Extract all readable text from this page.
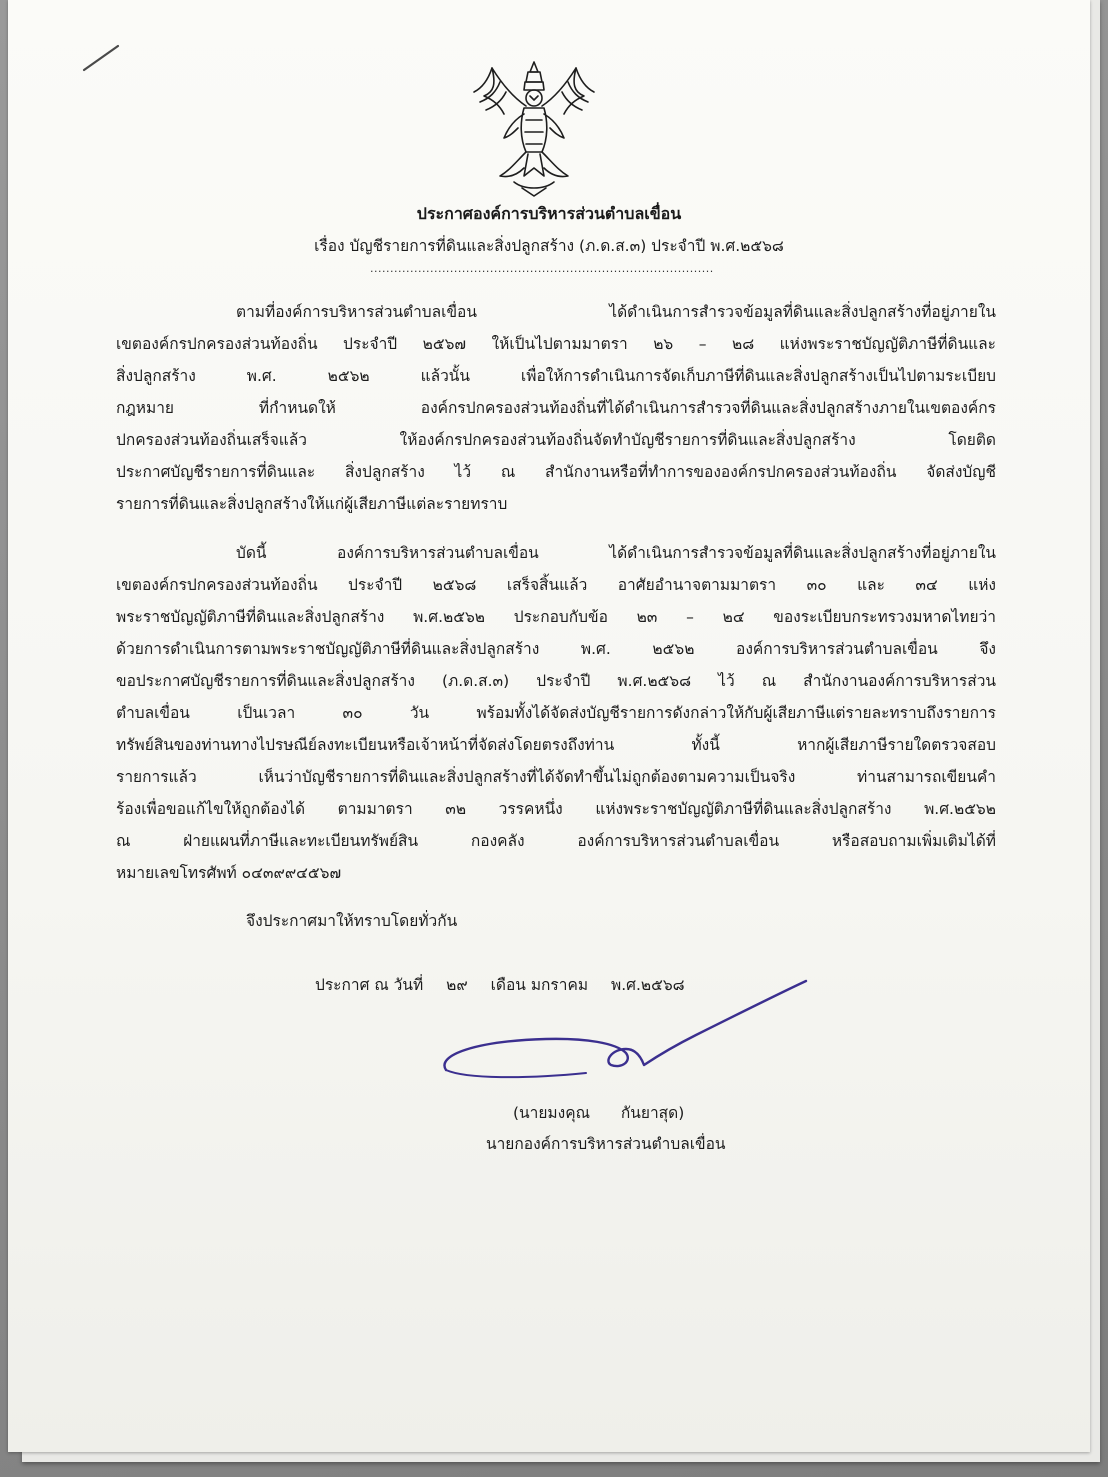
ประกาศองค์การบริหารส่วนตำบลเขื่อน
เรื่อง บัญชีรายการที่ดินและสิ่งปลูกสร้าง (ภ.ด.ส.๓) ประจำปี พ.ศ.๒๕๖๘
......................................................................................
ตามที่องค์การบริหารส่วนตำบลเขื่อน ได้ดำเนินการสำรวจข้อมูลที่ดินและสิ่งปลูกสร้างที่อยู่ภายใน
เขตองค์กรปกครองส่วนท้องถิ่น ประจำปี ๒๕๖๗ ให้เป็นไปตามมาตรา ๒๖ – ๒๘ แห่งพระราชบัญญัติภาษีที่ดินและ
สิ่งปลูกสร้าง พ.ศ. ๒๕๖๒ แล้วนั้น เพื่อให้การดำเนินการจัดเก็บภาษีที่ดินและสิ่งปลูกสร้างเป็นไปตามระเบียบ
กฎหมาย ที่กำหนดให้ องค์กรปกครองส่วนท้องถิ่นที่ได้ดำเนินการสำรวจที่ดินและสิ่งปลูกสร้างภายในเขตองค์กร
ปกครองส่วนท้องถิ่นเสร็จแล้ว ให้องค์กรปกครองส่วนท้องถิ่นจัดทำบัญชีรายการที่ดินและสิ่งปลูกสร้าง โดยติด
ประกาศบัญชีรายการที่ดินและ สิ่งปลูกสร้าง ไว้ ณ สำนักงานหรือที่ทำการขององค์กรปกครองส่วนท้องถิ่น จัดส่งบัญชี
รายการที่ดินและสิ่งปลูกสร้างให้แก่ผู้เสียภาษีแต่ละรายทราบ
บัดนี้ องค์การบริหารส่วนตำบลเขื่อน ได้ดำเนินการสำรวจข้อมูลที่ดินและสิ่งปลูกสร้างที่อยู่ภายใน
เขตองค์กรปกครองส่วนท้องถิ่น ประจำปี ๒๕๖๘ เสร็จสิ้นแล้ว อาศัยอำนาจตามมาตรา ๓๐ และ ๓๔ แห่ง
พระราชบัญญัติภาษีที่ดินและสิ่งปลูกสร้าง พ.ศ.๒๕๖๒ ประกอบกับข้อ ๒๓ – ๒๔ ของระเบียบกระทรวงมหาดไทยว่า
ด้วยการดำเนินการตามพระราชบัญญัติภาษีที่ดินและสิ่งปลูกสร้าง พ.ศ. ๒๕๖๒ องค์การบริหารส่วนตำบลเขื่อน จึง
ขอประกาศบัญชีรายการที่ดินและสิ่งปลูกสร้าง (ภ.ด.ส.๓) ประจำปี พ.ศ.๒๕๖๘ ไว้ ณ สำนักงานองค์การบริหารส่วน
ตำบลเขื่อน เป็นเวลา ๓๐ วัน พร้อมทั้งได้จัดส่งบัญชีรายการดังกล่าวให้กับผู้เสียภาษีแต่รายละทราบถึงรายการ
ทรัพย์สินของท่านทางไปรษณีย์ลงทะเบียนหรือเจ้าหน้าที่จัดส่งโดยตรงถึงท่าน ทั้งนี้ หากผู้เสียภาษีรายใดตรวจสอบ
รายการแล้ว เห็นว่าบัญชีรายการที่ดินและสิ่งปลูกสร้างที่ได้จัดทำขึ้นไม่ถูกต้องตามความเป็นจริง ท่านสามารถเขียนคำ
ร้องเพื่อขอแก้ไขให้ถูกต้องได้ ตามมาตรา ๓๒ วรรคหนึ่ง แห่งพระราชบัญญัติภาษีที่ดินและสิ่งปลูกสร้าง พ.ศ.๒๕๖๒
ณ ฝ่ายแผนที่ภาษีและทะเบียนทรัพย์สิน กองคลัง องค์การบริหารส่วนตำบลเขื่อน หรือสอบถามเพิ่มเติมได้ที่
หมายเลขโทรศัพท์ ๐๔๓๙๙๔๕๖๗
จึงประกาศมาให้ทราบโดยทั่วกัน
ประกาศ ณ วันที่ ๒๙ เดือน มกราคม พ.ศ.๒๕๖๘
(นายมงคุณ กันยาสุด)
นายกองค์การบริหารส่วนตำบลเขื่อน
